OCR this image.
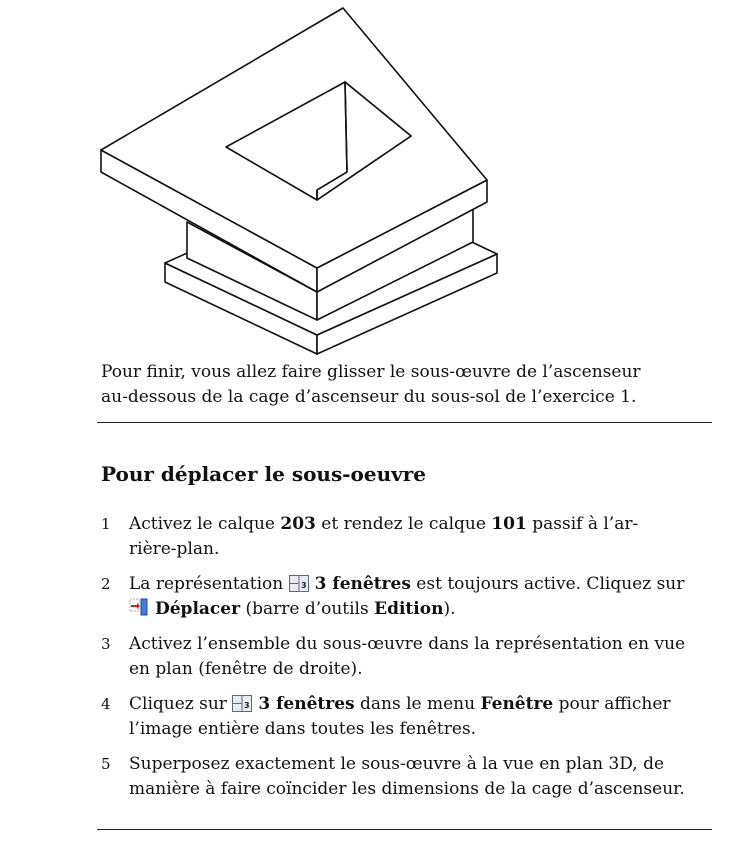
Pour finir, vous allez faire glisser le sous-œuvre de l’ascenseur

au-dessous de la cage d’ascenseur du sous-sol de l’exercice 1.

Pour déplacer le sous-oeuvre
1 Activez le calque 203 et rendez le calque 101 passif à l’ar-
rière-plan.
2 La représentation 3 3 fenêtres est toujours active. Cliquez sur
Déplacer (barre d’outils Edition).
3 Activez l’ensemble du sous-œuvre dans la représentation en vue
en plan (fenêtre de droite).
4 Cliquez sur 3 3 fenêtres dans le menu Fenêtre pour afficher
l’image entière dans toutes les fenêtres.
5 Superposez exactement le sous-œuvre à la vue en plan 3D, de
manière à faire coïncider les dimensions de la cage d’ascenseur.
